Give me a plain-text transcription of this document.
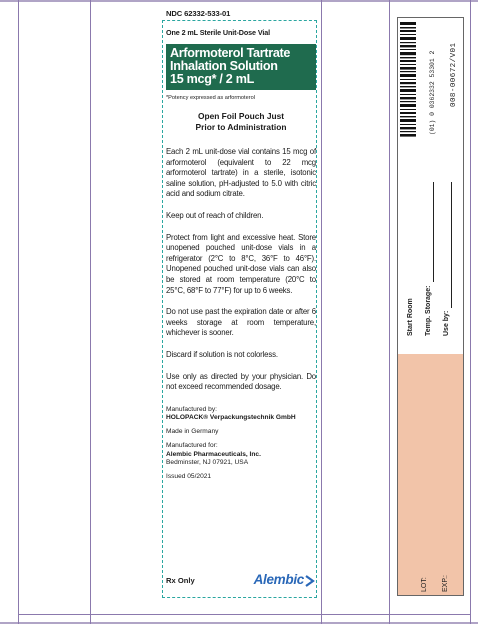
NDC 62332-533-01
One 2 mL Sterile Unit-Dose Vial
Arformoterol Tartrate
Inhalation Solution
15 mcg* / 2 mL
*Potency expressed as arformoterol
Open Foil Pouch Just
Prior to Administration
Each 2 mL unit-dose vial contains 15 mcg of arformoterol (equivalent to 22 mcg arformoterol tartrate) in a sterile, isotonic saline solution, pH-adjusted to 5.0 with citric acid and sodium citrate.
Keep out of reach of children.
Protect from light and excessive heat. Store unopened pouched unit-dose vials in a refrigerator (2°C to 8°C, 36°F to 46°F). Unopened pouched unit-dose vials can also be stored at room temperature (20°C to 25°C, 68°F to 77°F) for up to 6 weeks.
Do not use past the expiration date or after 6 weeks storage at room temperature, whichever is sooner.
Discard if solution is not colorless.
Use only as directed by your physician. Do not exceed recommended dosage.
Manufactured by:
HOLOPACK® Verpackungstechnik GmbH
Made in Germany
Manufactured for:
Alembic Pharmaceuticals, Inc.
Bedminster, NJ 07921, USA
Issued 05/2021
Rx Only	Alembic
(01) 0 0362332 53301 2 008-00672/V01
Start Room Temp. Storage: Use by:
LOT: EXP.:
